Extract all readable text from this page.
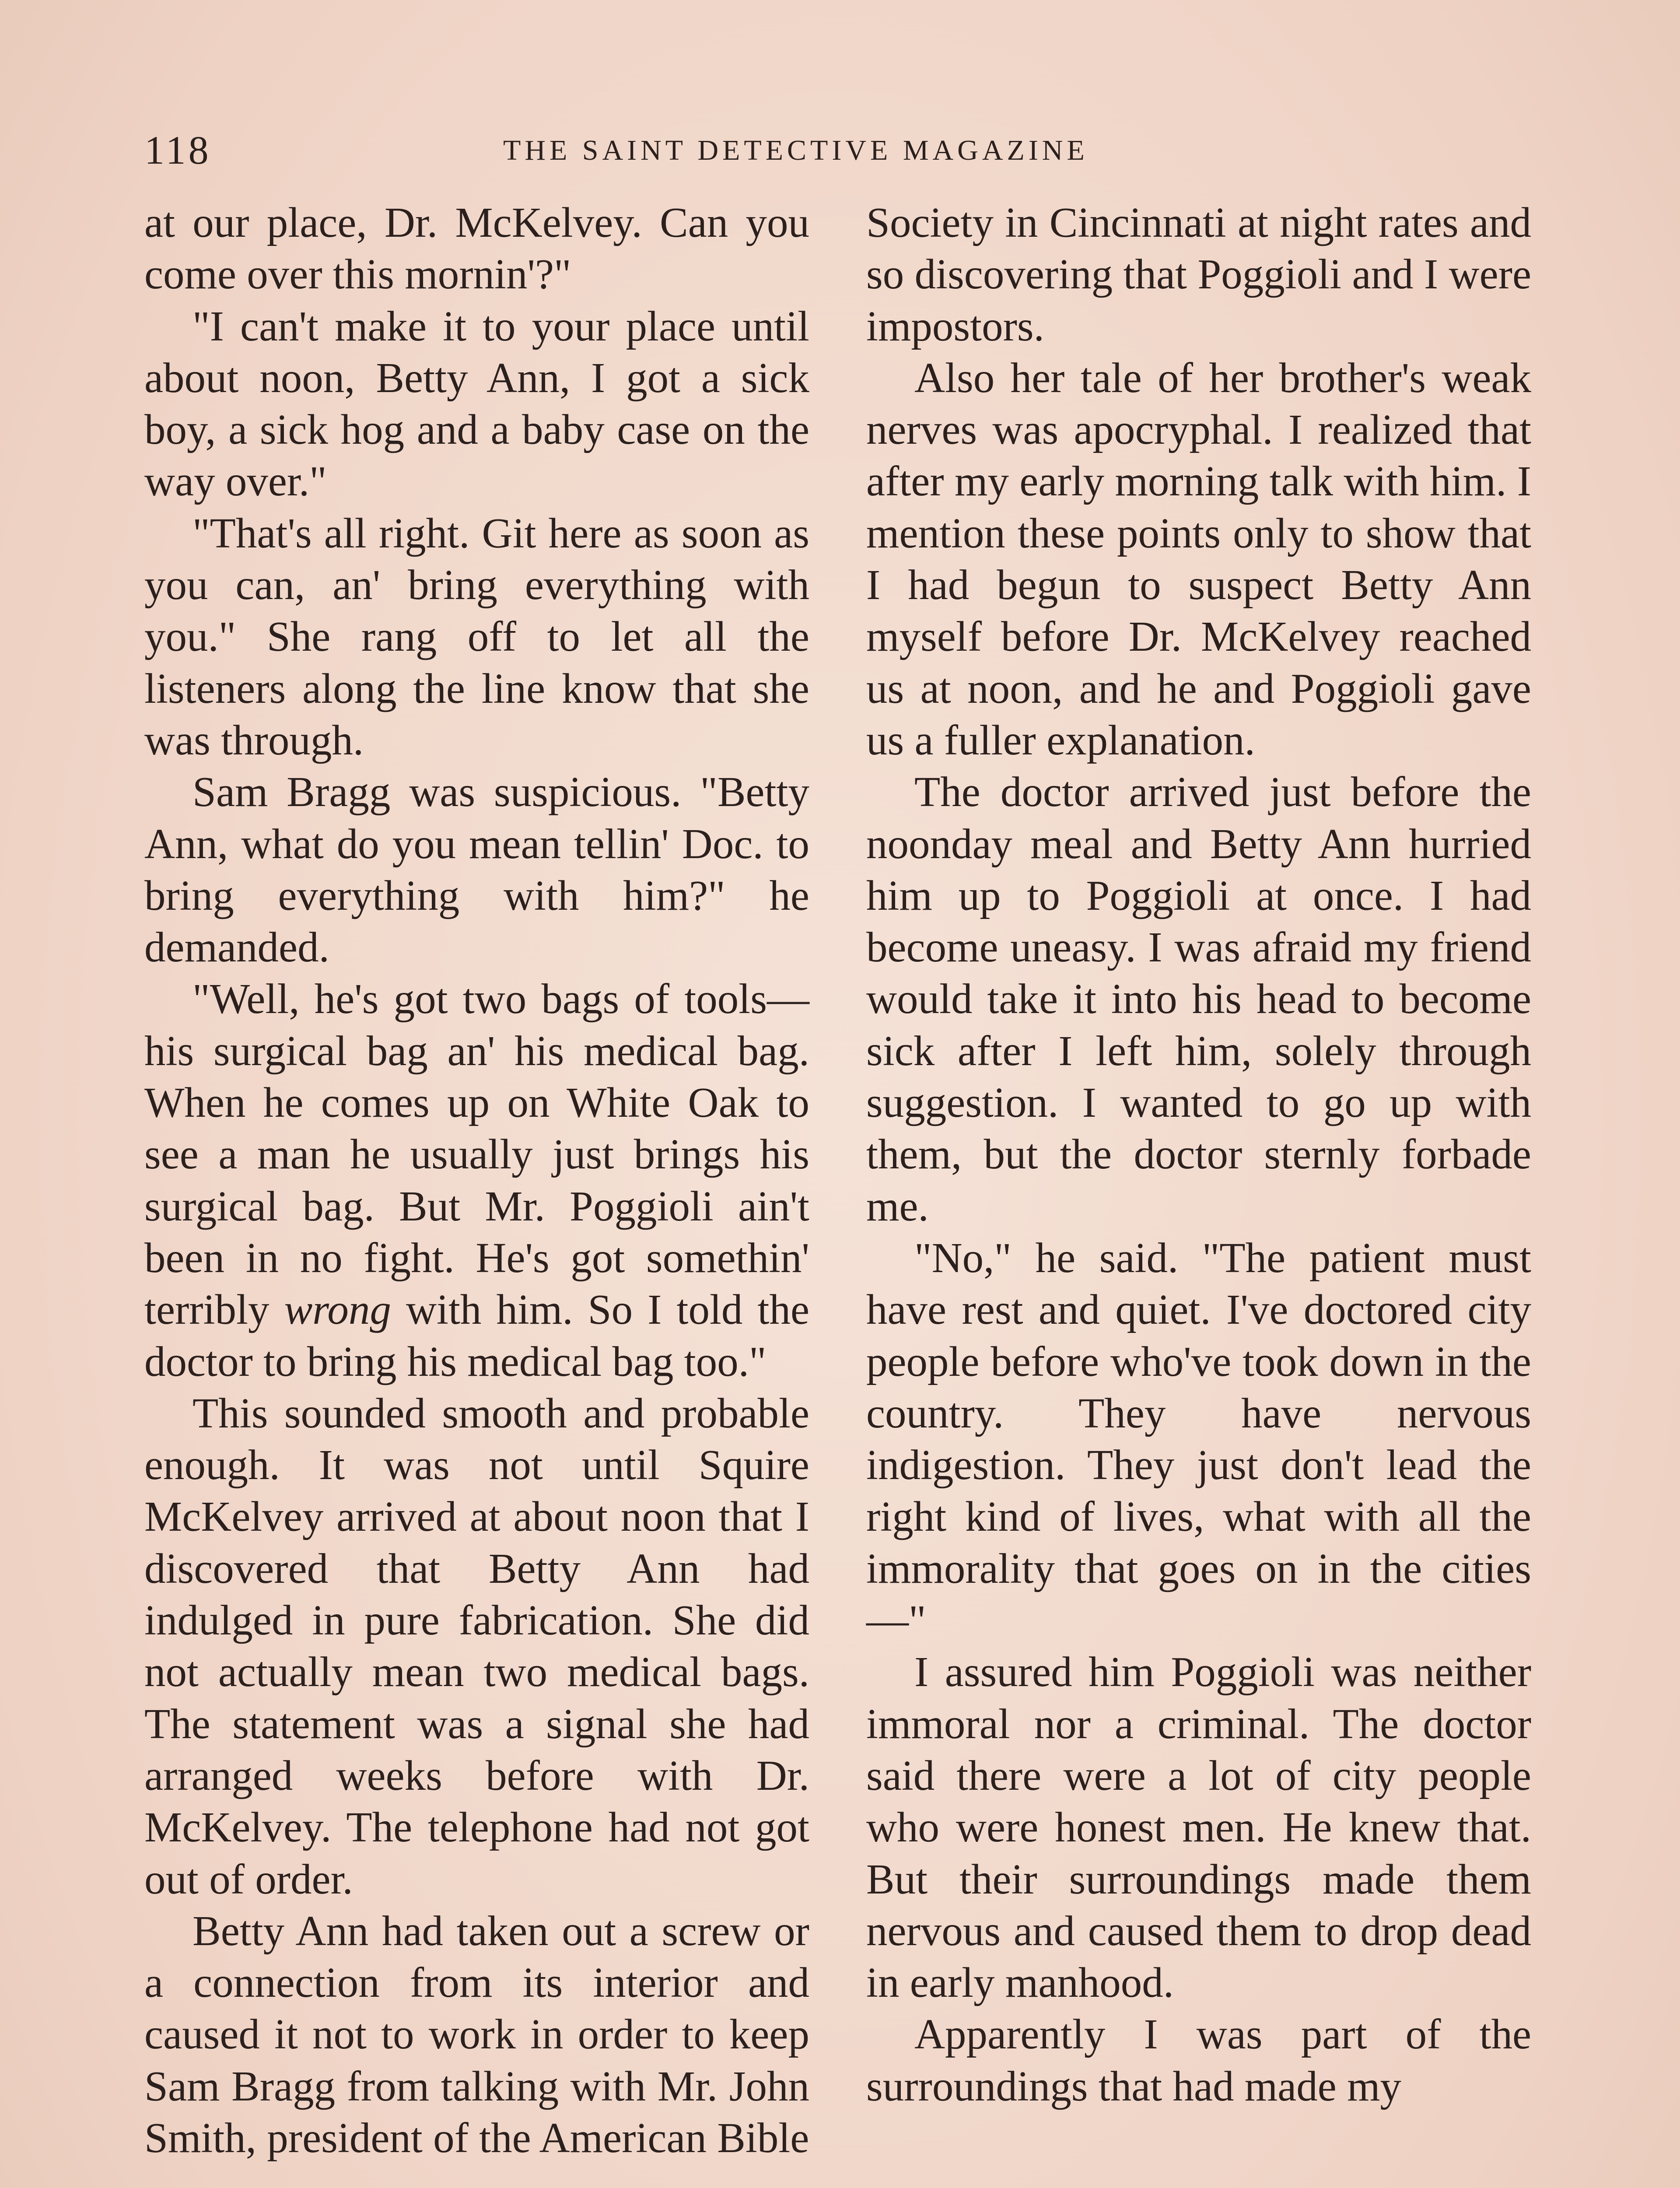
118	THE SAINT DETECTIVE MAGAZINE

at our place, Dr. McKelvey. Can you come over this mornin'?"

"I can't make it to your place until about noon, Betty Ann, I got a sick boy, a sick hog and a baby case on the way over."

"That's all right. Git here as soon as you can, an' bring everything with you." She rang off to let all the listeners along the line know that she was through.

Sam Bragg was suspicious. "Betty Ann, what do you mean tellin' Doc. to bring everything with him?" he demanded.

"Well, he's got two bags of tools—his surgical bag an' his medical bag. When he comes up on White Oak to see a man he usually just brings his surgical bag. But Mr. Poggioli ain't been in no fight. He's got somethin' terribly wrong with him. So I told the doctor to bring his medical bag too."

This sounded smooth and probable enough. It was not until Squire McKelvey arrived at about noon that I discovered that Betty Ann had indulged in pure fabrication. She did not actually mean two medical bags. The statement was a signal she had arranged weeks before with Dr. McKelvey. The telephone had not got out of order.

Betty Ann had taken out a screw or a connection from its interior and caused it not to work in order to keep Sam Bragg from talking with Mr. John Smith, president of the American Bible

Society in Cincinnati at night rates and so discovering that Poggioli and I were impostors.

Also her tale of her brother's weak nerves was apocryphal. I realized that after my early morning talk with him. I mention these points only to show that I had begun to suspect Betty Ann myself before Dr. McKelvey reached us at noon, and he and Poggioli gave us a fuller explanation.

The doctor arrived just before the noonday meal and Betty Ann hurried him up to Poggioli at once. I had become uneasy. I was afraid my friend would take it into his head to become sick after I left him, solely through suggestion. I wanted to go up with them, but the doctor sternly forbade me.

"No," he said. "The patient must have rest and quiet. I've doctored city people before who've took down in the country. They have nervous indigestion. They just don't lead the right kind of lives, what with all the immorality that goes on in the cities—"

I assured him Poggioli was neither immoral nor a criminal. The doctor said there were a lot of city people who were honest men. He knew that. But their surroundings made them nervous and caused them to drop dead in early manhood.

Apparently I was part of the surroundings that had made my
